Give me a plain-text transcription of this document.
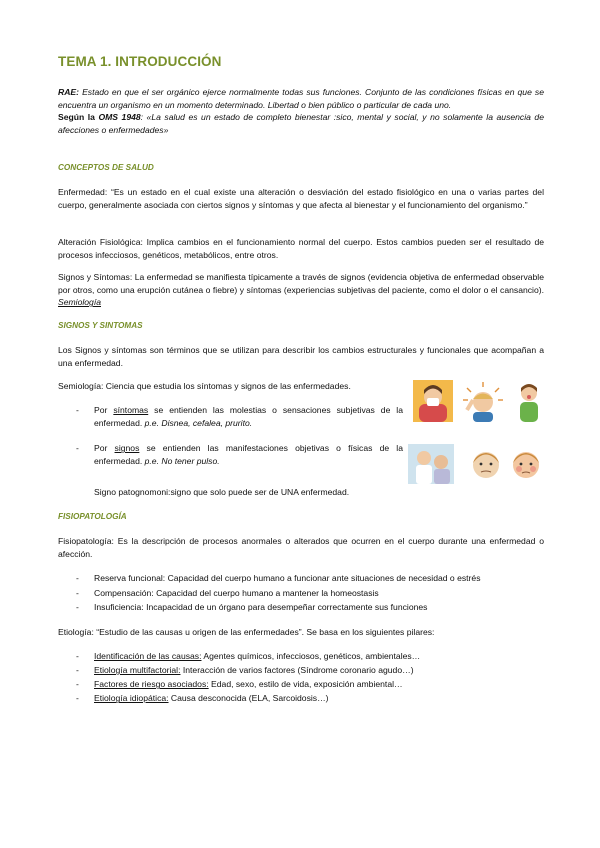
TEMA 1. INTRODUCCIÓN

RAE: Estado en que el ser orgánico ejerce normalmente todas sus funciones. Conjunto de las condiciones físicas en que se encuentra un organismo en un momento determinado. Libertad o bien público o particular de cada uno.

Según la OMS 1948: «La salud es un estado de completo bienestar :sico, mental y social, y no solamente la ausencia de afecciones o enfermedades»

CONCEPTOS DE SALUD
Enfermedad: “Es un estado en el cual existe una alteración o desviación del estado fisiológico en una o varias partes del cuerpo, generalmente asociada con ciertos signos y síntomas y que afecta al bienestar y el funcionamiento del organismo.”
Alteración Fisiológica: Implica cambios en el funcionamiento normal del cuerpo. Estos cambios pueden ser el resultado de procesos infecciosos, genéticos, metabólicos, entre otros.
Signos y Síntomas: La enfermedad se manifiesta típicamente a través de signos (evidencia objetiva de enfermedad observable por otros, como una erupción cutánea o fiebre) y síntomas (experiencias subjetivas del paciente, como el dolor o el cansancio). Semiología
SIGNOS Y SINTOMAS
Los Signos y síntomas son términos que se utilizan para describir los cambios estructurales y funcionales que acompañan a una enfermedad.
Semiología: Ciencia que estudia los síntomas y signos de las enfermedades.
- Por síntomas se entienden las molestias o sensaciones subjetivas de la enfermedad. p.e. Disnea, cefalea, prurito.
- Por signos se entienden las manifestaciones objetivas o físicas de la enfermedad. p.e. No tener pulso.
Signo patognomoni:signo que solo puede ser de UNA enfermedad.
FISIOPATOLOGÍA
Fisiopatología: Es la descripción de procesos anormales o alterados que ocurren en el cuerpo durante una enfermedad o afección.
- Reserva funcional: Capacidad del cuerpo humano a funcionar ante situaciones de necesidad o estrés
- Compensación: Capacidad del cuerpo humano a mantener la homeostasis
- Insuficiencia: Incapacidad de un órgano para desempeñar correctamente sus funciones
Etiología: “Estudio de las causas u origen de las enfermedades”. Se basa en los siguientes pilares:
- Identificación de las causas: Agentes químicos, infecciosos, genéticos, ambientales…
- Etiología multifactorial: Interacción de varios factores (Síndrome coronario agudo…)
- Factores de riesgo asociados: Edad, sexo, estilo de vida, exposición ambiental…
- Etiología idiopática: Causa desconocida (ELA, Sarcoidosis…)
